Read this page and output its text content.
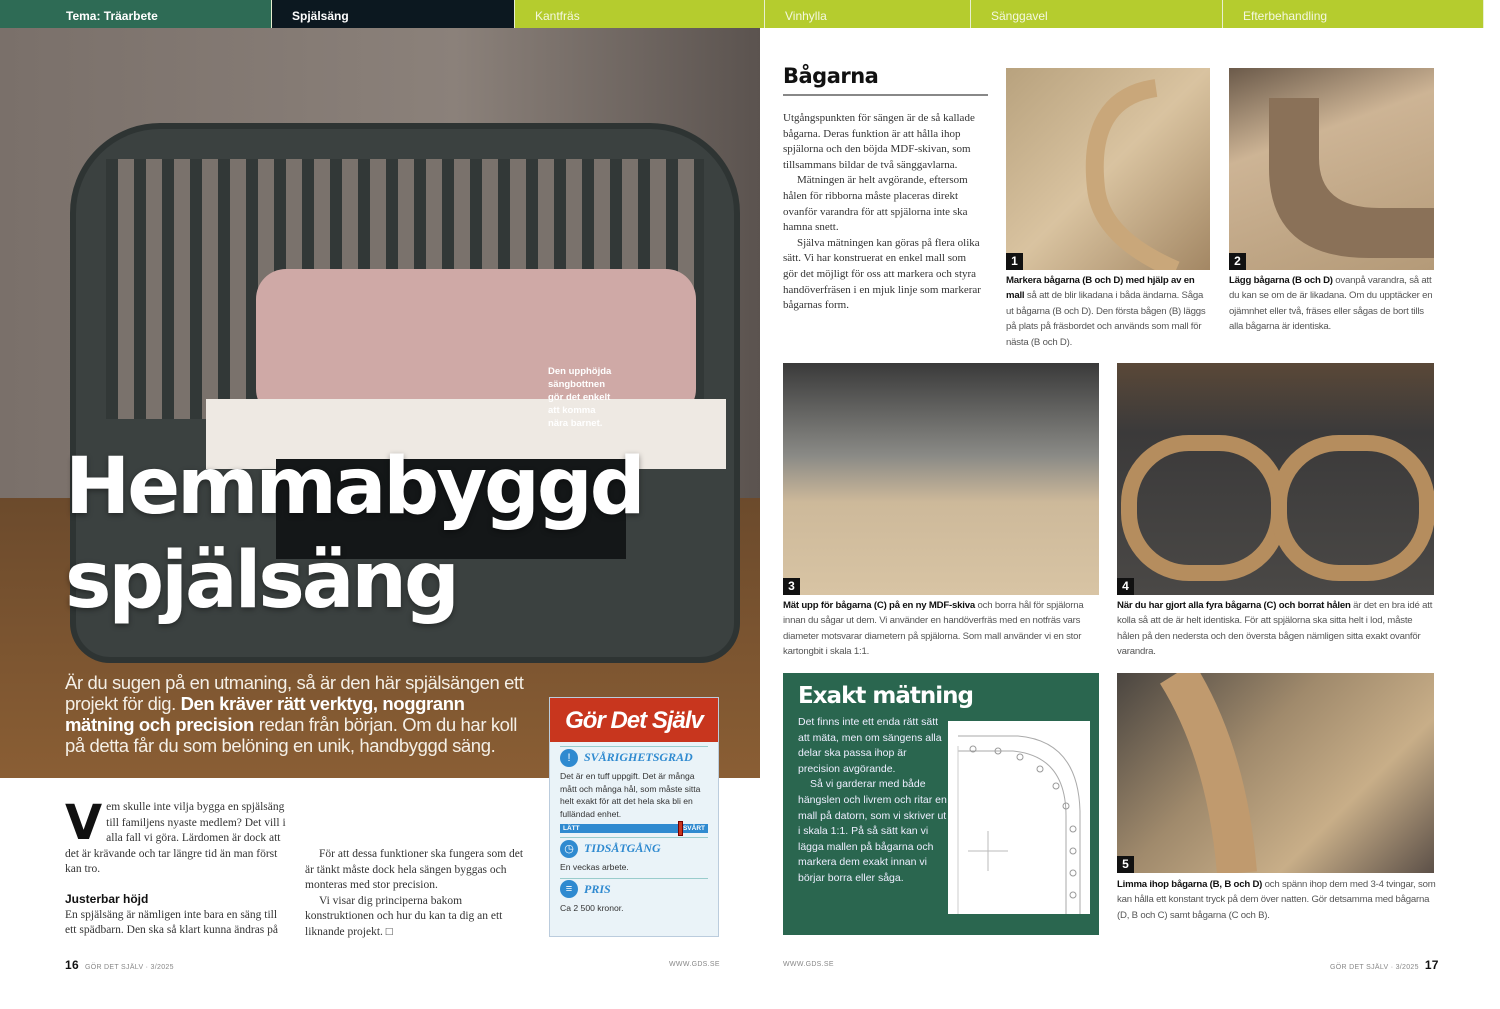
Tema: Träarbete	Spjälsäng	Kantfräs	Vinhylla	Sänggavel	Efterbehandling
Den upphöjda sängbottnen gör det enkelt att komma nära barnet.
Hemmabyggd
spjälsäng
Är du sugen på en utmaning, så är den här spjälsängen ett projekt för dig. Den kräver rätt verktyg, noggrann mätning och precision redan från början. Om du har koll på detta får du som belöning en unik, handbyggd säng.
V em skulle inte vilja bygga en spjälsäng till familjens nyaste medlem? Det vill i alla fall vi göra. Lärdomen är dock att det är krävande och tar längre tid än man först kan tro.

Justerbar höjd

En spjälsäng är nämligen inte bara en säng till ett spädbarn. Den ska så klart kunna ändras på

För att dessa funktioner ska fungera som det är tänkt måste dock hela sängen byggas och monteras med stor precision.

Vi visar dig principerna bakom konstruktionen och hur du kan ta dig an ett liknande projekt. □

Gör Det Själv
!	SVÅRIGHETSGRAD
Det är en tuff uppgift. Det är många mått och många hål, som måste sitta helt exakt för att det hela ska bli en fulländad enhet.
LÄTT	SVÅRT
◷ TIDSÅTGÅNG
En veckas arbete.
≡ PRIS
Ca 2 500 kronor.
16 GÖR DET SJÄLV · 3/2025	WWW.GDS.SE	WWW.GDS.SE	GÖR DET SJÄLV · 3/2025 17
Bågarna

Utgångspunkten för sängen är de så kallade bågarna. Deras funktion är att hålla ihop spjälorna och den böjda MDF-skivan, som tillsammans bildar de två sänggavlarna.

Mätningen är helt avgörande, eftersom hålen för ribborna måste placeras direkt ovanför varandra för att spjälorna inte ska hamna snett.

Själva mätningen kan göras på flera olika sätt. Vi har konstruerat en enkel mall som gör det möjligt för oss att markera och styra handöverfräsen i en mjuk linje som markerar bågarnas form.

1	2
Markera bågarna (B och D) med hjälp av en mall så att de blir likadana i båda ändarna. Såga ut bågarna (B och D). Den första bågen (B) läggs på plats på fräsbordet och används som mall för nästa (B och D).
Lägg bågarna (B och D) ovanpå varandra, så att du kan se om de är likadana. Om du upptäcker en ojämnhet eller två, fräses eller sågas de bort tills alla bågarna är identiska.
3	4
Mät upp för bågarna (C) på en ny MDF-skiva och borra hål för spjälorna innan du sågar ut dem. Vi använder en handöverfräs med en notfräs vars diameter motsvarar diametern på spjälorna. Som mall använder vi en stor kartongbit i skala 1:1.
När du har gjort alla fyra bågarna (C) och borrat hålen är det en bra idé att kolla så att de är helt identiska. För att spjälorna ska sitta helt i lod, måste hålen på den nedersta och den översta bågen nämligen sitta exakt ovanför varandra.
Exakt mätning

Det finns inte ett enda rätt sätt att mäta, men om sängens alla delar ska passa ihop är precision avgörande.

Så vi garderar med både hängslen och livrem och ritar en mall på datorn, som vi skriver ut i skala 1:1. På så sätt kan vi lägga mallen på bågarna och markera dem exakt innan vi börjar borra eller såga.

5
Limma ihop bågarna (B, B och D) och spänn ihop dem med 3-4 tvingar, som kan hålla ett konstant tryck på dem över natten. Gör detsamma med bågarna (D, B och C) samt bågarna (C och B).
